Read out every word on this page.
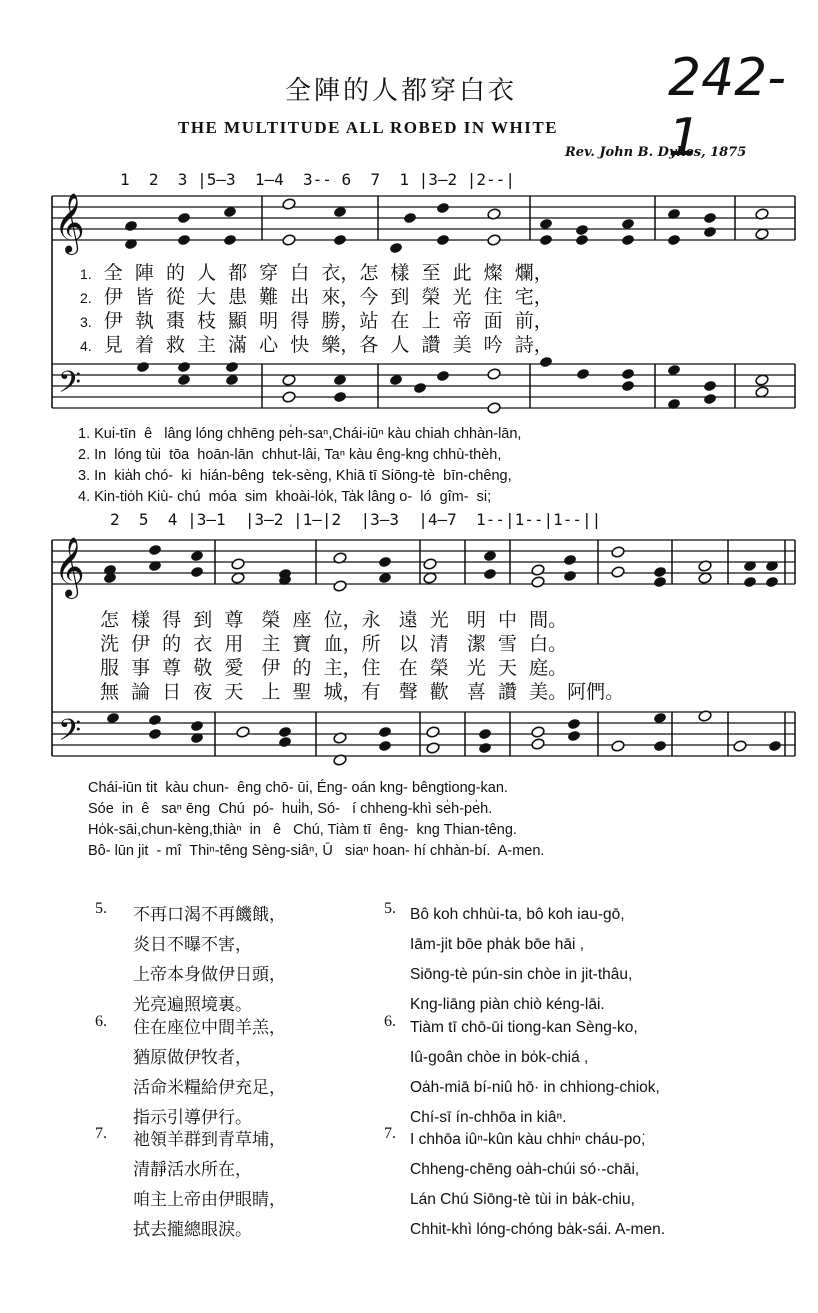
全陣的人都穿白衣	242-1
THE MULTITUDE ALL ROBED IN WHITE
Rev. John B. Dykes, 1875
𝄞
𝄢
𝄞
𝄢
1  2  3 |5—3  1—4  3-- 6  7  1 |3—2 |2--|
1. 全  陣  的  人  都  穿  白  衣，怎  樣  至  此  燦  爛，
2. 伊  皆  從  大  患  難  出  來，今  到  榮  光  住  宅，
3. 伊  執  棗  枝  顯  明  得  勝，站  在  上  帝  面  前，
4. 見  着  救  主  滿  心  快  樂，各  人  讚  美  吟  詩，
1. Kui-tīn  ê   lâng lóng chhēng pe̍h-saⁿ,Chái-iūⁿ kàu chiah chhàn-lān,
2. In  lóng tùi  tōa  hoān-lān  chhut-lâi, Taⁿ kàu êng-kng chhù-thèh,
3. In  kia̍h chó-  ki  hián-bêng  tek-sèng, Khiā tī Siōng-tè  bīn-chêng,
4. Kin-tio̍h Kiù- chú  móa  sim  khoài-lo̍k, Ta̍k lâng o-  ló  gîm-  si;
2  5  4 |3—1  |3—2 |1—|2  |3—3  |4—7  1--|1--|1--||
怎  樣  得  到  尊   榮  座  位，永   遠  光   明  中  間。
洗  伊  的  衣  用   主  寶  血，所   以  清   潔  雪  白。
服  事  尊  敬  愛   伊  的  主，住   在  榮   光  天  庭。
無  論  日  夜  天   上  聖  城，有   聲  歡   喜  讚  美。阿們。
Chái-iūn tit  kàu chun-  êng chō- ūi, Éng- oán kng- bêngtiong-kan.
Sóe  in  ê   saⁿ ēng  Chú  pó-  hui̍h, Só-   í chheng-khì se̍h-pe̍h.
Ho̍k-sāi,chun-kèng,thiàⁿ  in   ê   Chú, Tiàm tī  êng-  kng Thian-têng.
Bô- lūn jit  - mî  Thiⁿ-têng Sèng-siâⁿ, Ū   siaⁿ hoan- hí chhàn-bí.  A-men.
5.	不再口渴不再饑餓，
炎日不曝不害，
上帝本身做伊日頭，
光亮遍照境裏。
5. Bô koh chhùi-ta, bô koh iau-gō,
Iām-jit bōe pha̍k bōe hāi ,
Siōng-tè pún-sin chòe in jit-thâu,
Kng-liāng piàn chiò kéng-lāi.
6.	住在座位中間羊羔，
猶原做伊牧者，
活命米糧給伊充足，
指示引導伊行。
6. Tiàm tī chō-ūi tiong-kan Sèng-ko,
Iû-goân chòe in bo̍k-chiá ,
Oa̍h-miā bí-niû hō· in chhiong-chiok,
Chí-sī ín-chhōa in kiâⁿ.
7.	祂領羊群到青草埔，
清靜活水所在，
咱主上帝由伊眼睛，
拭去攏總眼淚。
7. I chhōa iûⁿ-kûn kàu chhiⁿ cháu-po͘,
Chheng-chēng oa̍h-chúi só·-chāi,
Lán Chú Siōng-tè tùi in ba̍k-chiu,
Chhit-khì lóng-chóng ba̍k-sái. A-men.
